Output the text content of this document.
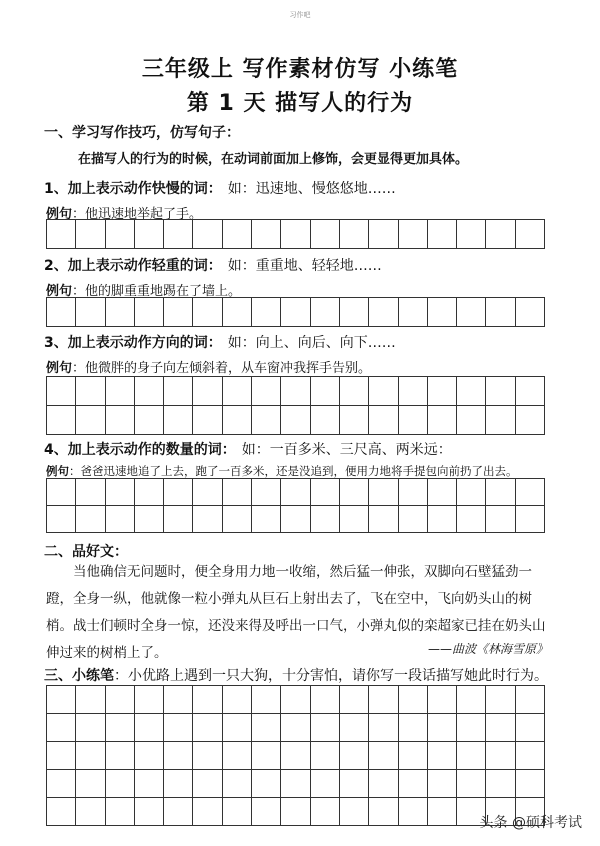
习作吧
三年级上 写作素材仿写 小练笔
第 1 天 描写人的行为
一、学习写作技巧，仿写句子：
在描写人的行为的时候，在动词前面加上修饰，会更显得更加具体。
1、加上表示动作快慢的词： 如：迅速地、慢悠悠地……
例句：他迅速地举起了手。
2、加上表示动作轻重的词： 如：重重地、轻轻地……
例句：他的脚重重地踢在了墙上。
3、加上表示动作方向的词： 如：向上、向后、向下……
例句：他微胖的身子向左倾斜着，从车窗冲我挥手告别。
4、加上表示动作的数量的词： 如：一百多米、三尺高、两米远：
例句：爸爸迅速地追了上去，跑了一百多米，还是没追到，便用力地将手提包向前扔了出去。
二、品好文：
当他确信无问题时，便全身用力地一收缩，然后猛一伸张，双脚向石壁猛劲一蹬，全身一纵，他就像一粒小弹丸从巨石上射出去了，飞在空中，飞向奶头山的树梢。战士们顿时全身一惊，还没来得及呼出一口气，小弹丸似的栾超家已挂在奶头山伸过来的树梢上了。	——曲波《林海雪原》
三、小练笔：小优路上遇到一只大狗，十分害怕，请你写一段话描写她此时行为。
头条 @硕科考试
